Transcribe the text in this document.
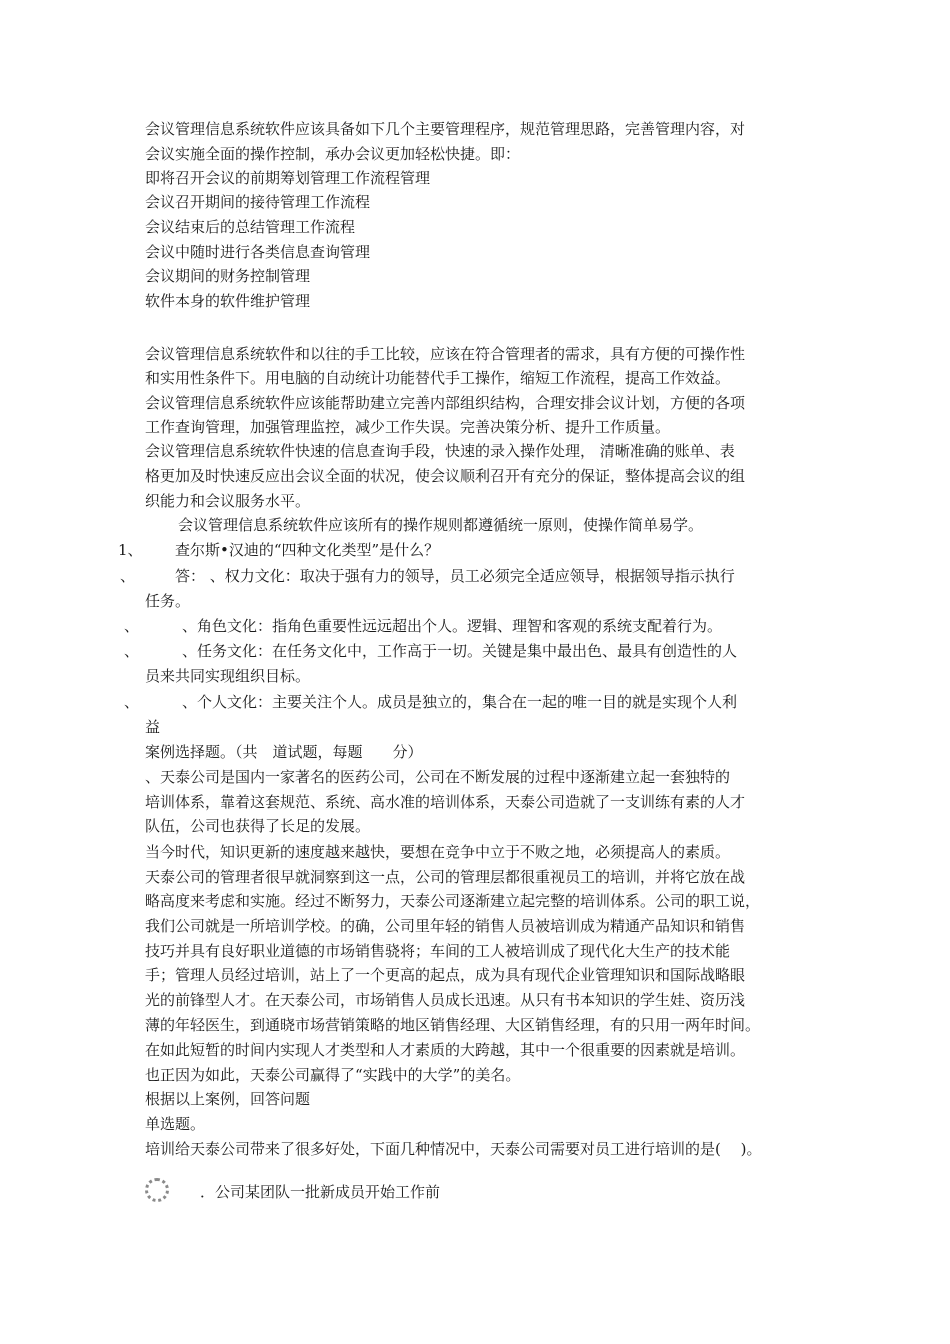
会议管理信息系统软件应该具备如下几个主要管理程序，规范管理思路，完善管理内容，对
会议实施全面的操作控制，承办会议更加轻松快捷。即：
即将召开会议的前期筹划管理工作流程管理
会议召开期间的接待管理工作流程
会议结束后的总结管理工作流程
会议中随时进行各类信息查询管理
会议期间的财务控制管理
软件本身的软件维护管理
会议管理信息系统软件和以往的手工比较，应该在符合管理者的需求，具有方便的可操作性
和实用性条件下。用电脑的自动统计功能替代手工操作，缩短工作流程，提高工作效益。
会议管理信息系统软件应该能帮助建立完善内部组织结构，合理安排会议计划，方便的各项
工作查询管理，加强管理监控，减少工作失误。完善决策分析、提升工作质量。
会议管理信息系统软件快速的信息查询手段，快速的录入操作处理， 清晰准确的账单、表
格更加及时快速反应出会议全面的状况，使会议顺利召开有充分的保证，整体提高会议的组
织能力和会议服务水平。
会议管理信息系统软件应该所有的操作规则都遵循统一原则，使操作简单易学。
1、 查尔斯•汉迪的“四种文化类型”是什么？
、	答： 、权力文化：取决于强有力的领导，员工必须完全适应领导，根据领导指示执行
任务。
、	、角色文化：指角色重要性远远超出个人。逻辑、理智和客观的系统支配着行为。
、	、任务文化：在任务文化中，工作高于一切。关键是集中最出色、最具有创造性的人
员来共同实现组织目标。
、	、个人文化：主要关注个人。成员是独立的，集合在一起的唯一目的就是实现个人利
益
案例选择题。（共　道试题，每题　　分）
、天泰公司是国内一家著名的医药公司，公司在不断发展的过程中逐渐建立起一套独特的
培训体系，靠着这套规范、系统、高水准的培训体系，天泰公司造就了一支训练有素的人才
队伍，公司也获得了长足的发展。
当今时代，知识更新的速度越来越快，要想在竞争中立于不败之地，必须提高人的素质。
天泰公司的管理者很早就洞察到这一点，公司的管理层都很重视员工的培训，并将它放在战
略高度来考虑和实施。经过不断努力，天泰公司逐渐建立起完整的培训体系。公司的职工说，
我们公司就是一所培训学校。的确，公司里年轻的销售人员被培训成为精通产品知识和销售
技巧并具有良好职业道德的市场销售骁将；车间的工人被培训成了现代化大生产的技术能
手；管理人员经过培训，站上了一个更高的起点，成为具有现代企业管理知识和国际战略眼
光的前锋型人才。在天泰公司，市场销售人员成长迅速。从只有书本知识的学生娃、资历浅
薄的年轻医生，到通晓市场营销策略的地区销售经理、大区销售经理，有的只用一两年时间。
在如此短暂的时间内实现人才类型和人才素质的大跨越，其中一个很重要的因素就是培训。
也正因为如此，天泰公司赢得了“实践中的大学”的美名。
根据以上案例，回答问题
单选题。
培训给天泰公司带来了很多好处，下面几种情况中，天泰公司需要对员工进行培训的是(　 )。
．公司某团队一批新成员开始工作前
